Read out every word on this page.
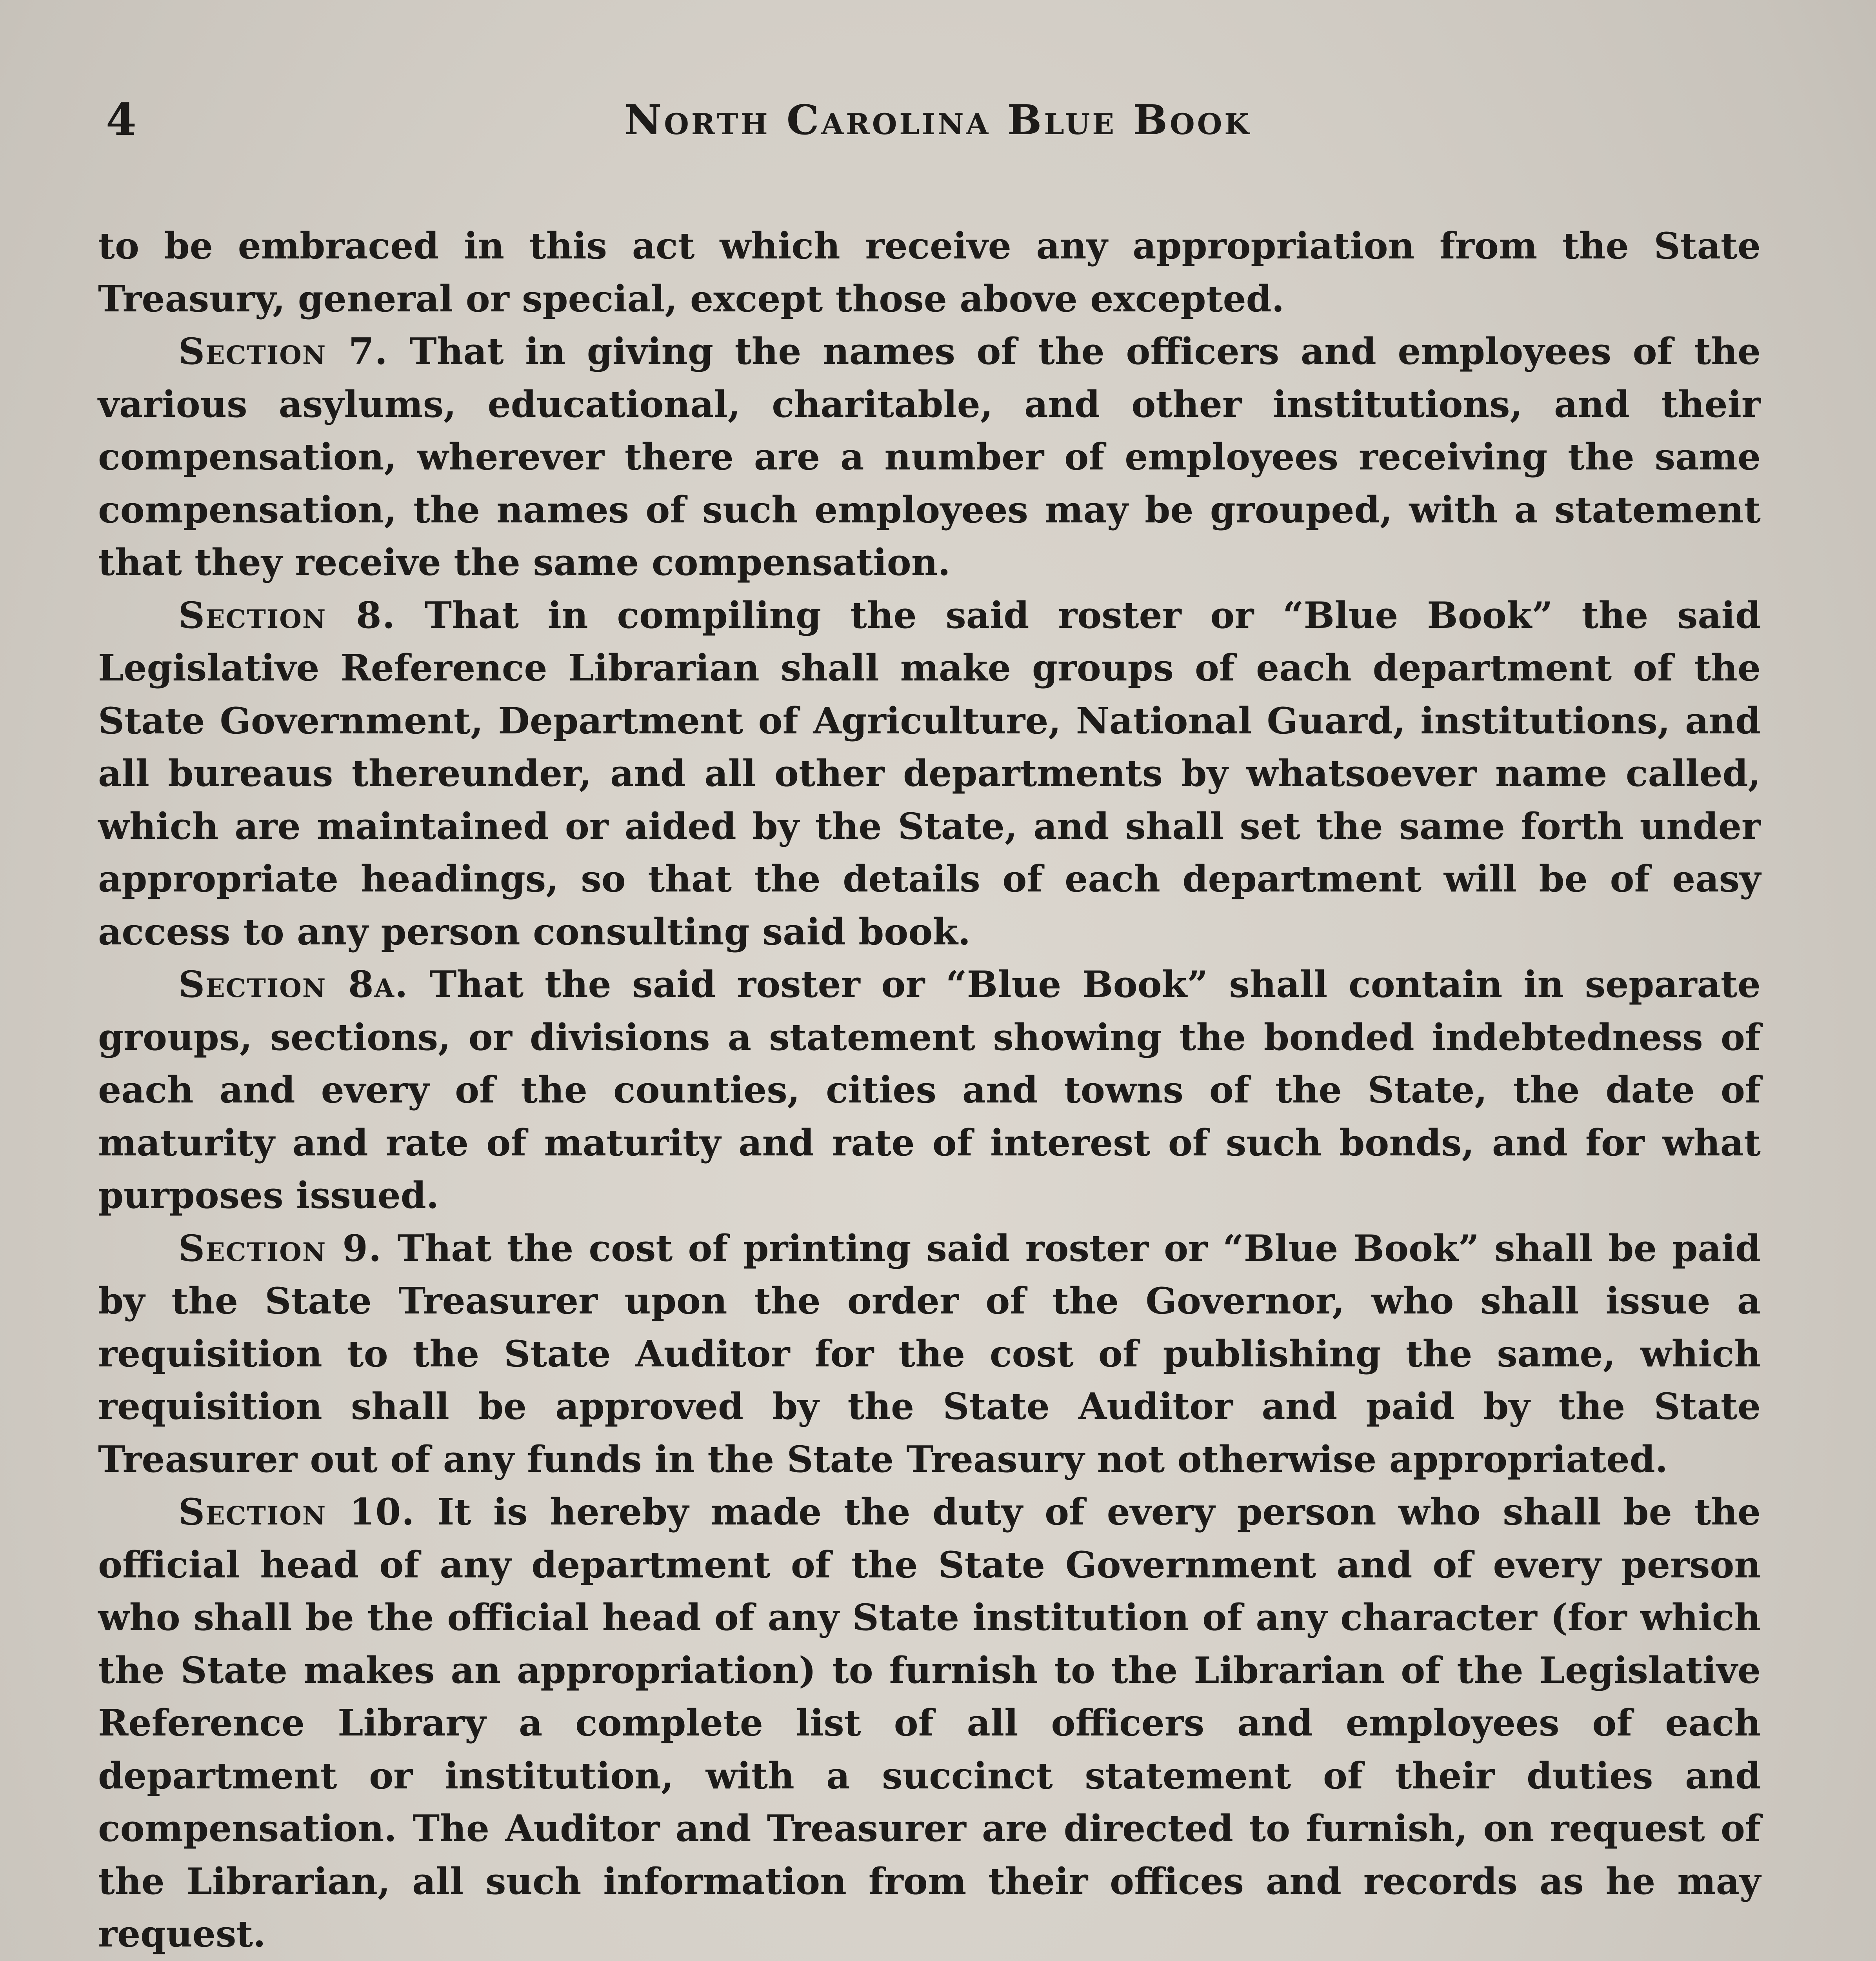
4	North Carolina Blue Book

to be embraced in this act which receive any appropriation from the State Treasury, general or special, except those above excepted.

Section 7. That in giving the names of the officers and employees of the various asylums, educational, charitable, and other institutions, and their compensation, wherever there are a number of employees receiving the same compensation, the names of such employees may be grouped, with a statement that they receive the same compensation.

Section 8. That in compiling the said roster or “Blue Book” the said Legislative Reference Librarian shall make groups of each department of the State Government, Department of Agriculture, National Guard, institutions, and all bureaus thereunder, and all other departments by whatsoever name called, which are maintained or aided by the State, and shall set the same forth under appropriate headings, so that the details of each department will be of easy access to any person consulting said book.

Section 8a. That the said roster or “Blue Book” shall contain in separate groups, sections, or divisions a statement showing the bonded indebtedness of each and every of the counties, cities and towns of the State, the date of maturity and rate of maturity and rate of interest of such bonds, and for what purposes issued.

Section 9. That the cost of printing said roster or “Blue Book” shall be paid by the State Treasurer upon the order of the Governor, who shall issue a requisition to the State Auditor for the cost of publishing the same, which requisition shall be approved by the State Auditor and paid by the State Treasurer out of any funds in the State Treasury not otherwise appropriated.

Section 10. It is hereby made the duty of every person who shall be the official head of any department of the State Government and of every person who shall be the official head of any State institution of any character (for which the State makes an appropriation) to furnish to the Librarian of the Legislative Reference Library a complete list of all officers and employees of each department or institution, with a succinct statement of their duties and compensation. The Auditor and Treasurer are directed to furnish, on request of the Librarian, all such information from their offices and records as he may request.
